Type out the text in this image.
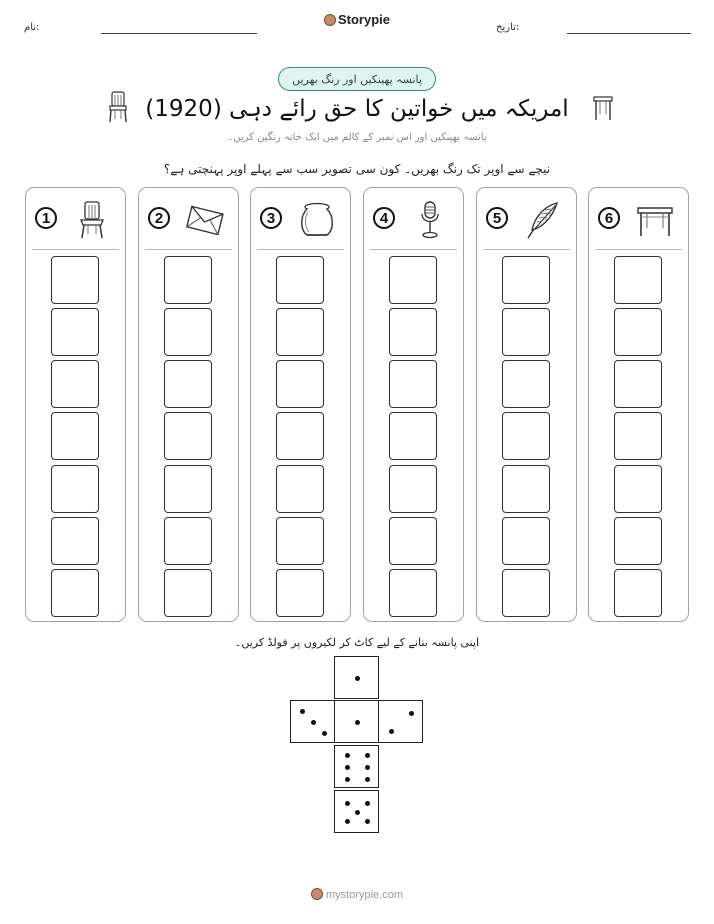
تاریخ:
نام:
Storypie
پانسہ پھینکیں اور رنگ بھریں
امریکہ میں خواتین کا حق رائے دہی (1920)
پانسہ پھینکیں اور اس نمبر کے کالم میں ایک خانہ رنگین کریں۔
نیچے سے اوپر تک رنگ بھریں۔ کون سی تصویر سب سے پہلے اوپر پہنچتی ہے؟
1	2	3	4	5	6
اپنی پانسہ بنانے کے لیے کاٹ کر لکیروں پر فولڈ کریں۔
mystorypie.com
